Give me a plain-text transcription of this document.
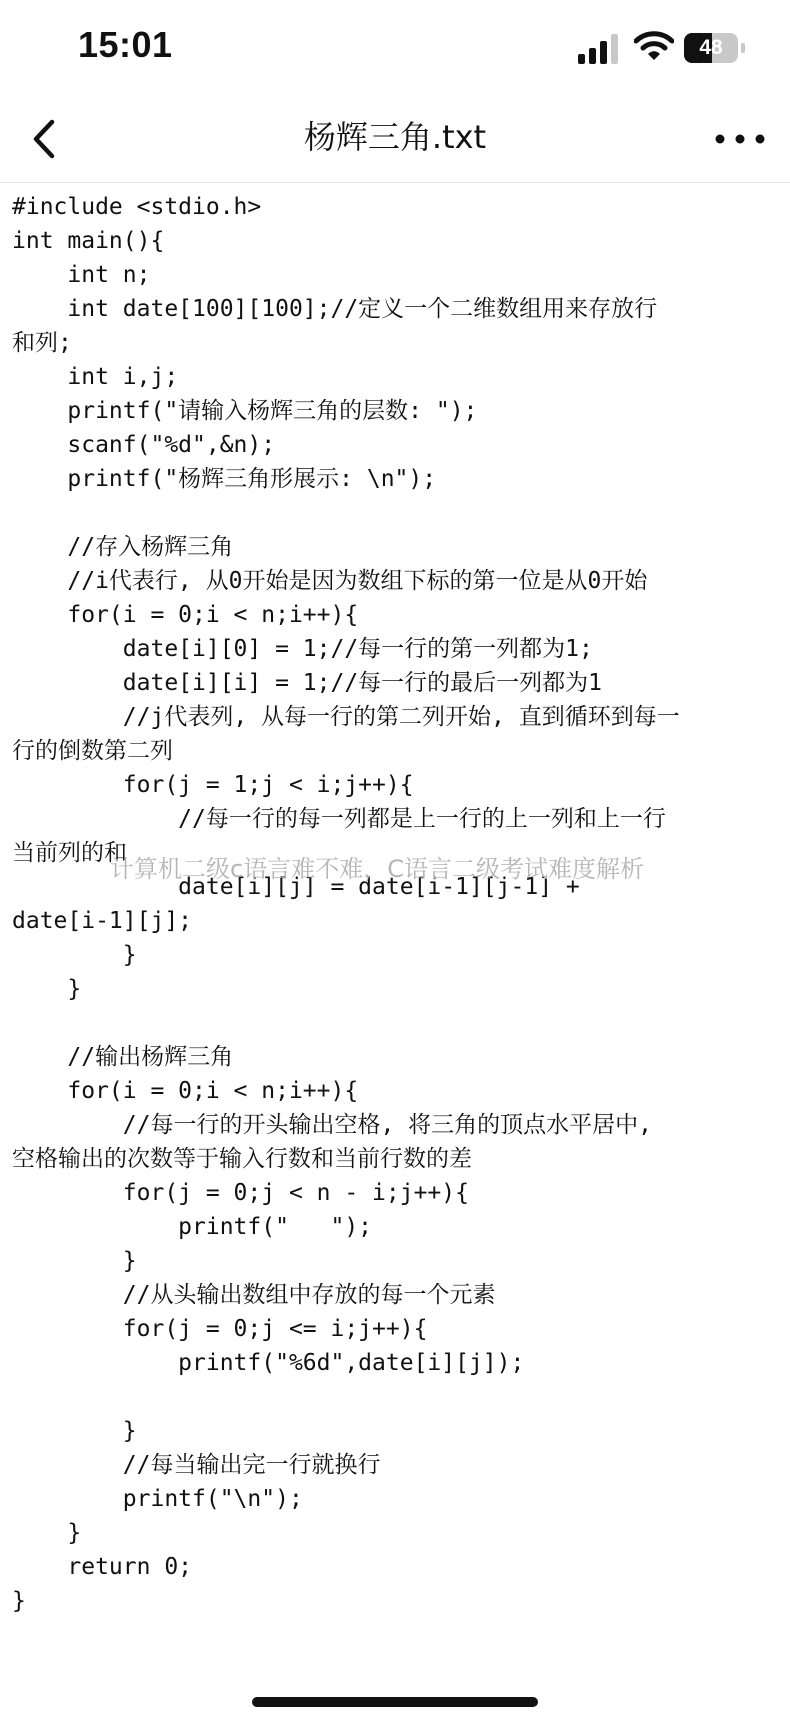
15:01	48
杨辉三角.txt
#include <stdio.h>
int main(){
int n;
int date[100][100];//定义一个二维数组用来存放行
和列;
int i,j;
printf("请输入杨辉三角的层数: ");
scanf("%d",&n);
printf("杨辉三角形展示: \n");
//存入杨辉三角
//i代表行, 从0开始是因为数组下标的第一位是从0开始
for(i = 0;i < n;i++){
date[i][0] = 1;//每一行的第一列都为1;
date[i][i] = 1;//每一行的最后一列都为1
//j代表列, 从每一行的第二列开始, 直到循环到每一
行的倒数第二列
for(j = 1;j < i;j++){
//每一行的每一列都是上一行的上一列和上一行
当前列的和
date[i][j] = date[i-1][j-1] +
date[i-1][j];
}
}
//输出杨辉三角
for(i = 0;i < n;i++){
//每一行的开头输出空格, 将三角的顶点水平居中,
空格输出的次数等于输入行数和当前行数的差
for(j = 0;j < n - i;j++){
printf("   ");
}
//从头输出数组中存放的每一个元素
for(j = 0;j <= i;j++){
printf("%6d",date[i][j]);
}
//每当输出完一行就换行
printf("\n");
}
return 0;
}
计算机二级c语言难不难，C语言二级考试难度解析
